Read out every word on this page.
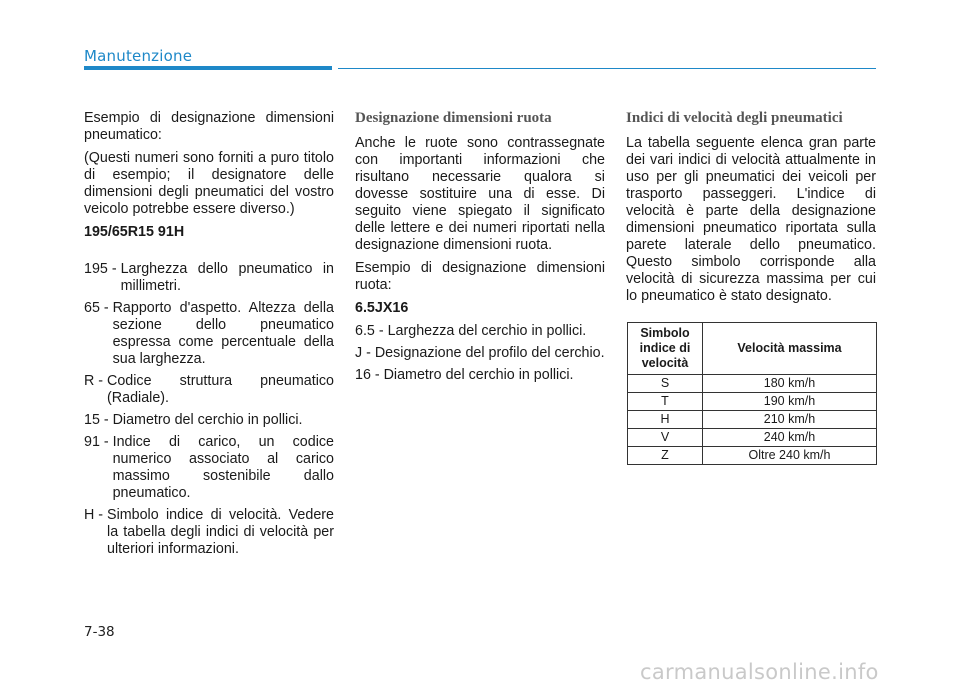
Manutenzione

Esempio di designazione dimensioni pneumatico:

(Questi numeri sono forniti a puro titolo di esempio; il designatore delle dimensioni degli pneumatici del vostro veicolo potrebbe essere diverso.)

195/65R15 91H

195 - Larghezza dello pneumatico in millimetri.
65 - Rapporto d'aspetto. Altezza della sezione dello pneumatico espressa come percentuale della sua larghezza.
R - Codice struttura pneumatico (Radiale).
15 - Diametro del cerchio in pollici.
91 - Indice di carico, un codice numerico associato al carico massimo sostenibile dallo pneumatico.
H - Simbolo indice di velocità. Vedere la tabella degli indici di velocità per ulteriori informazioni.
Designazione dimensioni ruota

Anche le ruote sono contrassegnate con importanti informazioni che risultano necessarie qualora si dovesse sostituire una di esse. Di seguito viene spiegato il significato delle lettere e dei numeri riportati nella designazione dimensioni ruota.

Esempio di designazione dimensioni ruota:

6.5JX16

6.5 - Larghezza del cerchio in pollici.
J - Designazione del profilo del cerchio.
16 - Diametro del cerchio in pollici.
Indici di velocità degli pneumatici

La tabella seguente elenca gran parte dei vari indici di velocità attualmente in uso per gli pneumatici dei veicoli per trasporto passeggeri. L'indice di velocità è parte della designazione dimensioni pneumatico riportata sulla parete laterale dello pneumatico. Questo simbolo corrisponde alla velocità di sicurezza massima per cui lo pneumatico è stato designato.

Simbolo indice di velocità	Velocità massima
S	180 km/h
T	190 km/h
H	210 km/h
V	240 km/h
Z	Oltre 240 km/h
7-38
carmanualsonline.info
